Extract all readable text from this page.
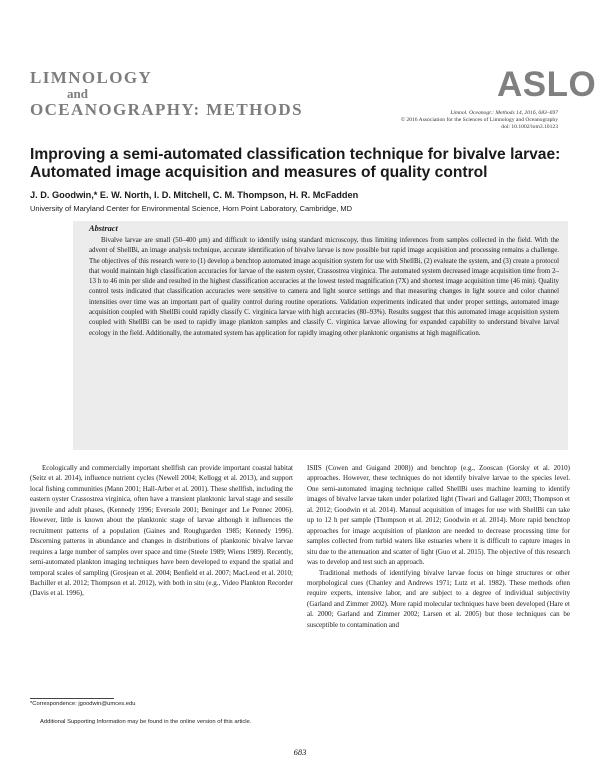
LIMNOLOGY
and
OCEANOGRAPHY: METHODS
ASLO
Limnol. Oceanogr.: Methods 14, 2016, 683–697
© 2016 Association for the Sciences of Limnology and Oceanography
doi: 10.1002/lom3.10123
Improving a semi-automated classification technique for bivalve larvae: Automated image acquisition and measures of quality control
J. D. Goodwin,* E. W. North, I. D. Mitchell, C. M. Thompson, H. R. McFadden
University of Maryland Center for Environmental Science, Horn Point Laboratory, Cambridge, MD
Abstract
Bivalve larvae are small (50–400 μm) and difficult to identify using standard microscopy, thus limiting inferences from samples collected in the field. With the advent of ShellBi, an image analysis technique, accurate identification of bivalve larvae is now possible but rapid image acquisition and processing remains a challenge. The objectives of this research were to (1) develop a benchtop automated image acquisition system for use with ShellBi, (2) evaluate the system, and (3) create a protocol that would maintain high classification accuracies for larvae of the eastern oyster, Crassostrea virginica. The automated system decreased image acquisition time from 2–13 h to 46 min per slide and resulted in the highest classification accuracies at the lowest tested magnification (7X) and shortest image acquisition time (46 min). Quality control tests indicated that classification accuracies were sensitive to camera and light source settings and that measuring changes in light source and color channel intensities over time was an important part of quality control during routine operations. Validation experiments indicated that under proper settings, automated image acquisition coupled with ShellBi could rapidly classify C. virginica larvae with high accuracies (80–93%). Results suggest that this automated image acquisition system coupled with ShellBi can be used to rapidly image plankton samples and classify C. virginica larvae allowing for expanded capability to understand bivalve larval ecology in the field. Additionally, the automated system has application for rapidly imaging other planktonic organisms at high magnification.

Ecologically and commercially important shellfish can provide important coastal habitat (Seitz et al. 2014), influence nutrient cycles (Newell 2004; Kellogg et al. 2013), and support local fishing communities (Mann 2001; Hall-Arber et al. 2001). These shellfish, including the eastern oyster Crassostrea virginica, often have a transient planktonic larval stage and sessile juvenile and adult phases, (Kennedy 1996; Eversole 2001; Beninger and Le Pennec 2006). However, little is known about the planktonic stage of larvae although it influences the recruitment patterns of a population (Gaines and Roughgarden 1985; Kennedy 1996). Discerning patterns in abundance and changes in distributions of planktonic bivalve larvae requires a large number of samples over space and time (Steele 1989; Wiens 1989). Recently, semi-automated plankton imaging techniques have been developed to expand the spatial and temporal scales of sampling (Grosjean et al. 2004; Benfield et al. 2007; MacLeod et al. 2010; Bachiller et al. 2012; Thompson et al. 2012), with both in situ (e.g., Video Plankton Recorder (Davis et al. 1996),

ISIIS (Cowen and Guigand 2008)) and benchtop (e.g., Zooscan (Gorsky et al. 2010) approaches. However, these techniques do not identify bivalve larvae to the species level. One semi-automated imaging technique called ShellBi uses machine learning to identify images of bivalve larvae taken under polarized light (Tiwari and Gallager 2003; Thompson et al. 2012; Goodwin et al. 2014). Manual acquisition of images for use with ShellBi can take up to 12 h per sample (Thompson et al. 2012; Goodwin et al. 2014). More rapid benchtop approaches for image acquisition of plankton are needed to decrease processing time for samples collected from turbid waters like estuaries where it is difficult to capture images in situ due to the attenuation and scatter of light (Guo et al. 2015). The objective of this research was to develop and test such an approach.

Traditional methods of identifying bivalve larvae focus on hinge structures or other morphological cues (Chanley and Andrews 1971; Lutz et al. 1982). These methods often require experts, intensive labor, and are subject to a degree of individual subjectivity (Garland and Zimmer 2002). More rapid molecular techniques have been developed (Hare et al. 2000; Garland and Zimmer 2002; Larsen et al. 2005) but those techniques can be susceptible to contamination and

*Correspondence: jgoodwin@umces.edu
Additional Supporting Information may be found in the online version of this article.
683
